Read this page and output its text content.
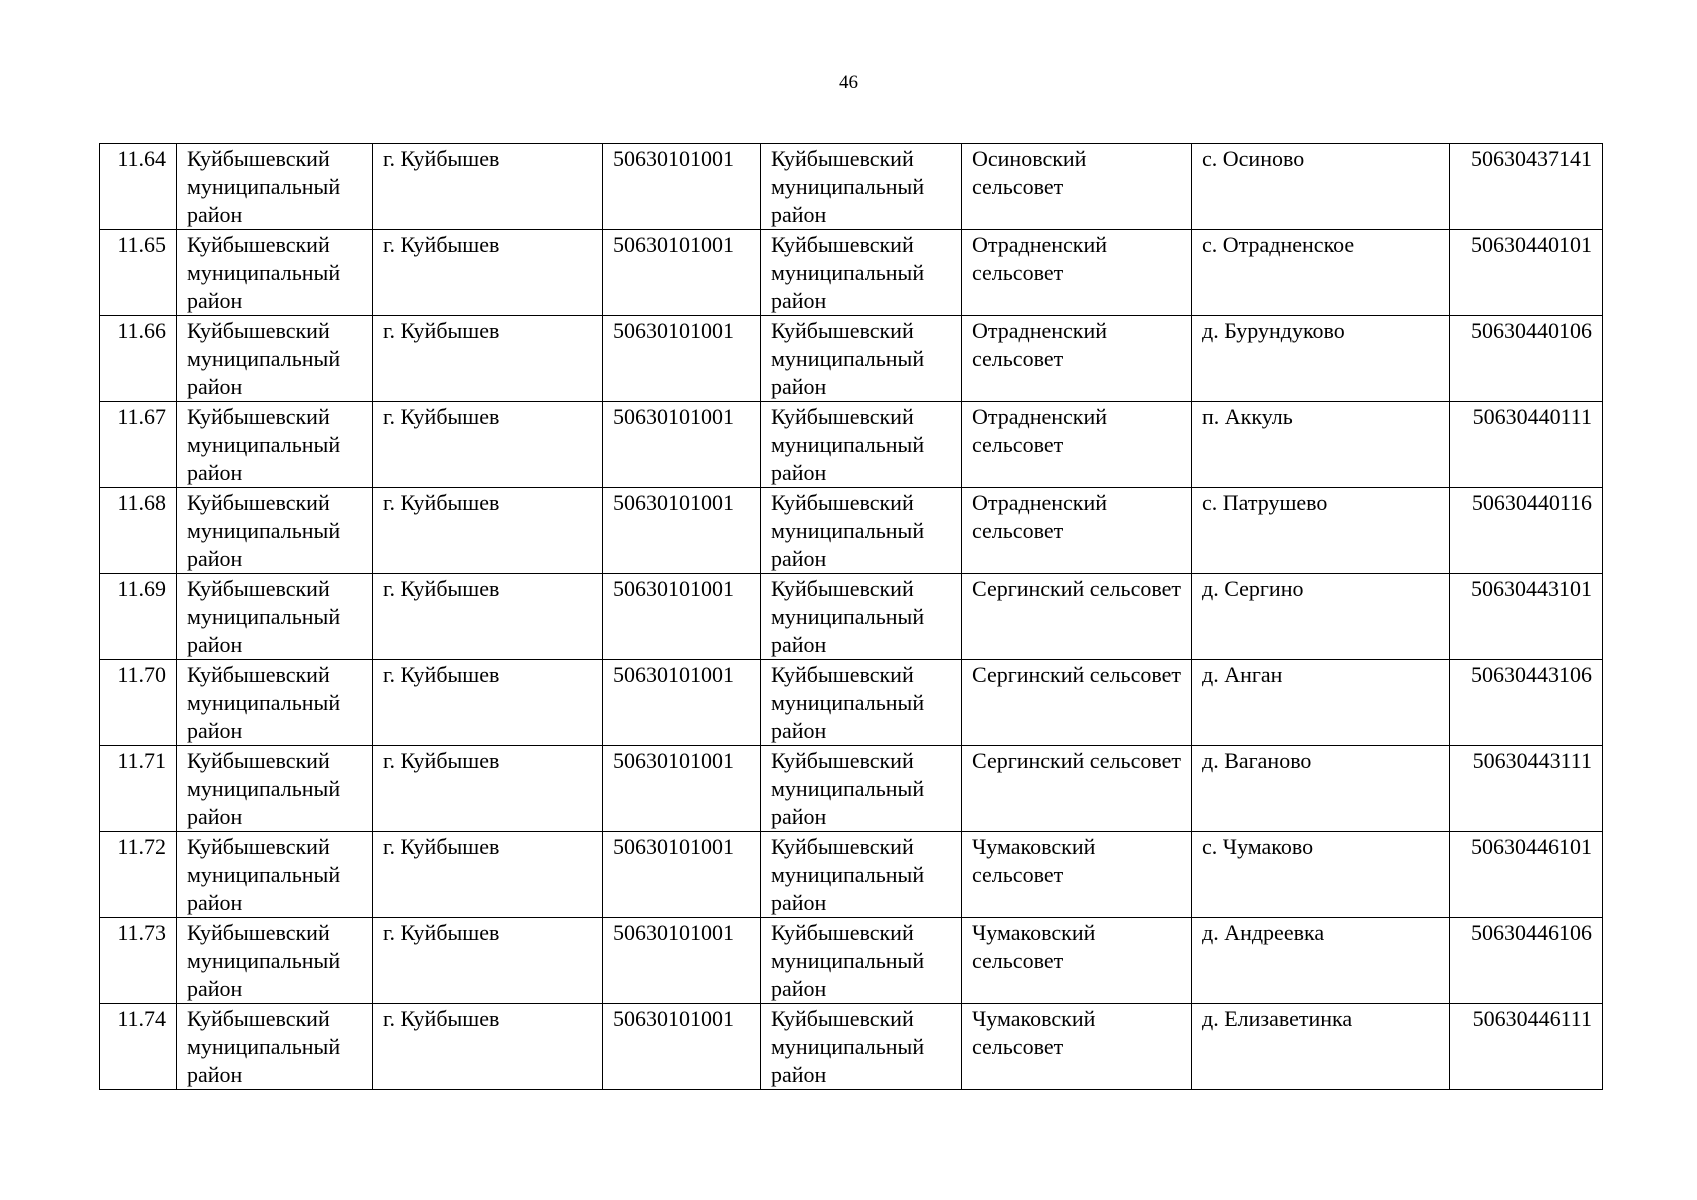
46
11.64	Куйбышевский муниципальный район	г. Куйбышев	50630101001	Куйбышевский муниципальный район	Осиновский сельсовет	с. Осиново	50630437141
11.65	Куйбышевский муниципальный район	г. Куйбышев	50630101001	Куйбышевский муниципальный район	Отрадненский сельсовет	с. Отрадненское	50630440101
11.66	Куйбышевский муниципальный район	г. Куйбышев	50630101001	Куйбышевский муниципальный район	Отрадненский сельсовет	д. Бурундуково	50630440106
11.67	Куйбышевский муниципальный район	г. Куйбышев	50630101001	Куйбышевский муниципальный район	Отрадненский сельсовет	п. Аккуль	50630440111
11.68	Куйбышевский муниципальный район	г. Куйбышев	50630101001	Куйбышевский муниципальный район	Отрадненский сельсовет	с. Патрушево	50630440116
11.69	Куйбышевский муниципальный район	г. Куйбышев	50630101001	Куйбышевский муниципальный район	Сергинский сельсовет	д. Сергино	50630443101
11.70	Куйбышевский муниципальный район	г. Куйбышев	50630101001	Куйбышевский муниципальный район	Сергинский сельсовет	д. Анган	50630443106
11.71	Куйбышевский муниципальный район	г. Куйбышев	50630101001	Куйбышевский муниципальный район	Сергинский сельсовет	д. Ваганово	50630443111
11.72	Куйбышевский муниципальный район	г. Куйбышев	50630101001	Куйбышевский муниципальный район	Чумаковский сельсовет	с. Чумаково	50630446101
11.73	Куйбышевский муниципальный район	г. Куйбышев	50630101001	Куйбышевский муниципальный район	Чумаковский сельсовет	д. Андреевка	50630446106
11.74	Куйбышевский муниципальный район	г. Куйбышев	50630101001	Куйбышевский муниципальный район	Чумаковский сельсовет	д. Елизаветинка	50630446111
